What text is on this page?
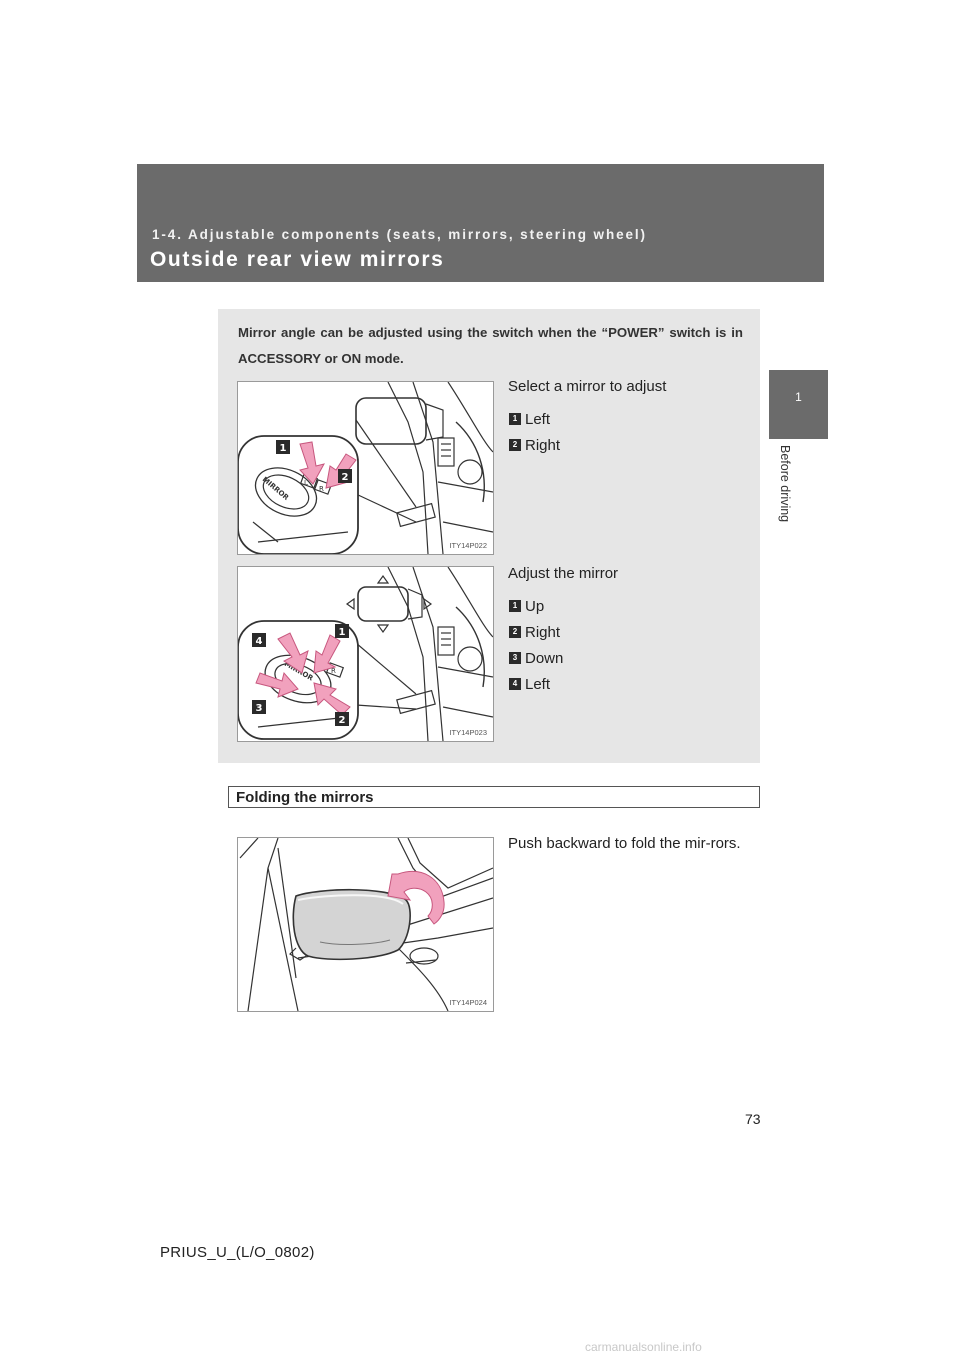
1-4. Adjustable components (seats, mirrors, steering wheel)
Outside rear view mirrors
1
Before driving
Mirror angle can be adjusted using the switch when the “POWER” switch is in ACCESSORY or ON mode.
MIRROR L
R
1
2
ITY14P022
Select a mirror to adjust
1 Left
2 Right
R
1
2
3
4
ITY14P023
Adjust the mirror
1 Up
2 Right
3 Down
4 Left
Folding the mirrors
ITY14P024
Push backward to fold the mir-rors.
73
PRIUS_U_(L/O_0802)
carmanualsonline.info
